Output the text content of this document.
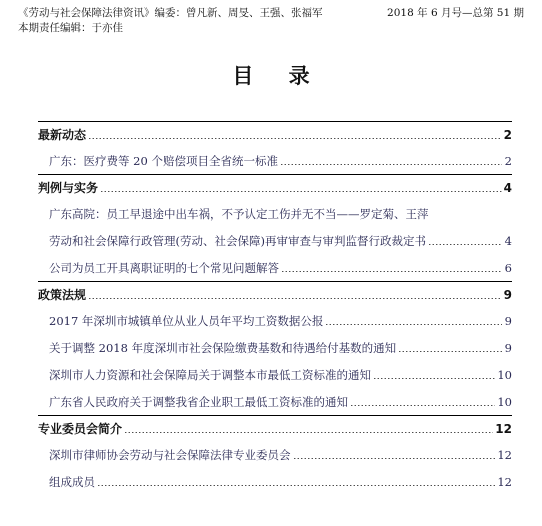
《劳动与社会保障法律资讯》编委：曾凡新、周旻、王强、张福军	2018 年 6 月号—总第 51 期
本期责任编辑：于亦佳
目 录
最新动态	2
广东：医疗费等 20 个赔偿项目全省统一标准	2
判例与实务	4
广东高院：员工早退途中出车祸，不予认定工伤并无不当——罗定菊、王萍
劳动和社会保障行政管理(劳动、社会保障)再审审查与审判监督行政裁定书	4
公司为员工开具离职证明的七个常见问题解答	6
政策法规	9
2017 年深圳市城镇单位从业人员年平均工资数据公报	9
关于调整 2018 年度深圳市社会保险缴费基数和待遇给付基数的通知	9
深圳市人力资源和社会保障局关于调整本市最低工资标准的通知	10
广东省人民政府关于调整我省企业职工最低工资标准的通知	10
专业委员会简介	12
深圳市律师协会劳动与社会保障法律专业委员会	12
组成成员	12
